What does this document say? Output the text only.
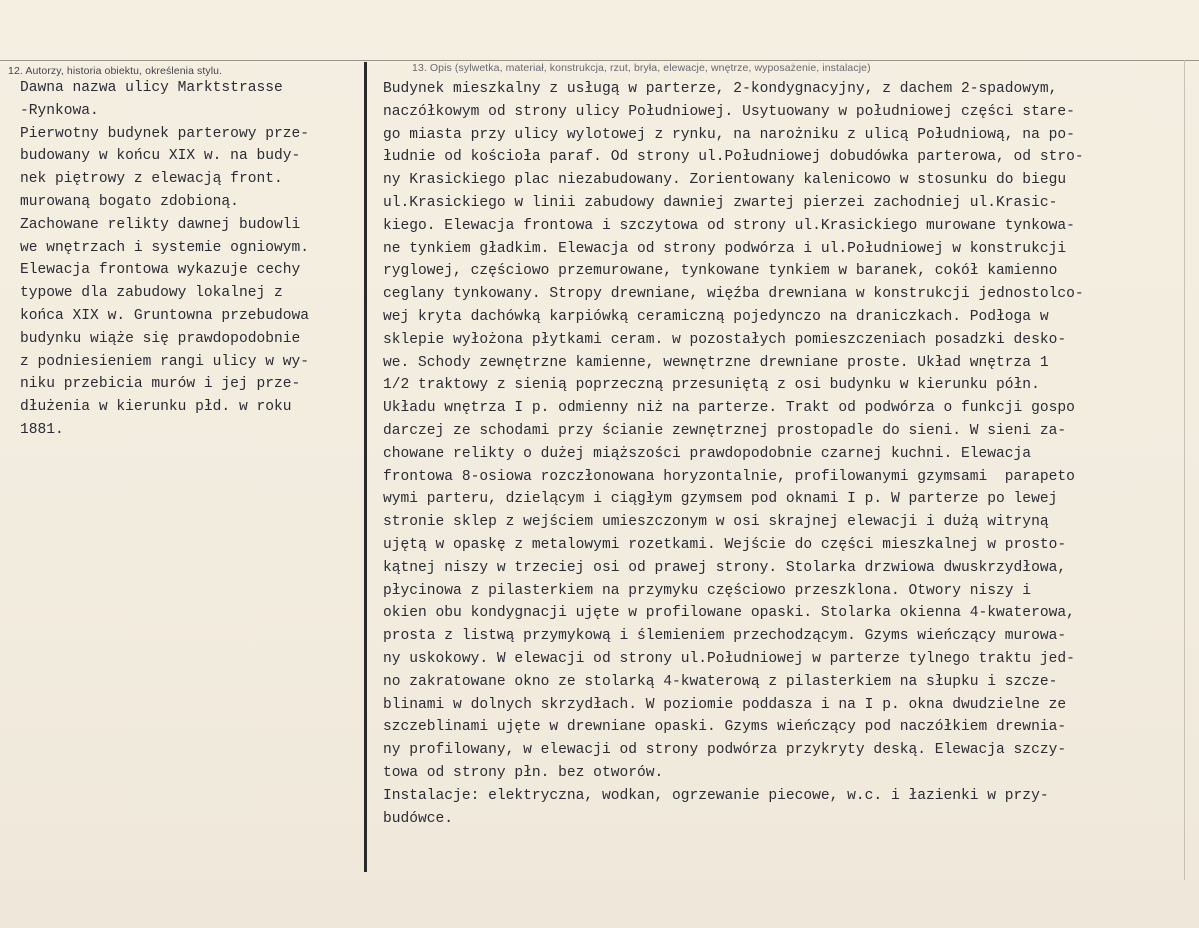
12. Autorzy, historia obiektu, określenia stylu.	13. Opis (sylwetka, materiał, konstrukcja, rzut, bryła, elewacje, wnętrze, wyposażenie, instalacje)
Dawna nazwa ulicy Marktstrasse
-Rynkowa.
Pierwotny budynek parterowy prze-
budowany w końcu XIX w. na budy-
nek piętrowy z elewacją front.
murowaną bogato zdobioną.
Zachowane relikty dawnej budowli
we wnętrzach i systemie ogniowym.
Elewacja frontowa wykazuje cechy
typowe dla zabudowy lokalnej z
końca XIX w. Gruntowna przebudowa
budynku wiąże się prawdopodobnie
z podniesieniem rangi ulicy w wy-
niku przebicia murów i jej prze-
dłużenia w kierunku płd. w roku
1881.
Budynek mieszkalny z usługą w parterze, 2-kondygnacyjny, z dachem 2-spadowym,
naczółkowym od strony ulicy Południowej. Usytuowany w południowej części stare-
go miasta przy ulicy wylotowej z rynku, na narożniku z ulicą Południową, na po-
łudnie od kościoła paraf. Od strony ul.Południowej dobudówka parterowa, od stro-
ny Krasickiego plac niezabudowany. Zorientowany kalenicowo w stosunku do biegu
ul.Krasickiego w linii zabudowy dawniej zwartej pierzei zachodniej ul.Krasic-
kiego. Elewacja frontowa i szczytowa od strony ul.Krasickiego murowane tynkowa-
ne tynkiem gładkim. Elewacja od strony podwórza i ul.Południowej w konstrukcji
ryglowej, częściowo przemurowane, tynkowane tynkiem w baranek, cokół kamienno
ceglany tynkowany. Stropy drewniane, więźba drewniana w konstrukcji jednostolco-
wej kryta dachówką karpiówką ceramiczną pojedynczo na draniczkach. Podłoga w
sklepie wyłożona płytkami ceram. w pozostałych pomieszczeniach posadzki desko-
we. Schody zewnętrzne kamienne, wewnętrzne drewniane proste. Układ wnętrza 1
1/2 traktowy z sienią poprzeczną przesuniętą z osi budynku w kierunku półn.
Układu wnętrza I p. odmienny niż na parterze. Trakt od podwórza o funkcji gospo
darczej ze schodami przy ścianie zewnętrznej prostopadle do sieni. W sieni za-
chowane relikty o dużej miąższości prawdopodobnie czarnej kuchni. Elewacja
frontowa 8-osiowa rozczłonowana horyzontalnie, profilowanymi gzymsami  parapeto
wymi parteru, dzielącym i ciągłym gzymsem pod oknami I p. W parterze po lewej
stronie sklep z wejściem umieszczonym w osi skrajnej elewacji i dużą witryną
ujętą w opaskę z metalowymi rozetkami. Wejście do części mieszkalnej w prosto-
kątnej niszy w trzeciej osi od prawej strony. Stolarka drzwiowa dwuskrzydłowa,
płycinowa z pilasterkiem na przymyku częściowo przeszklona. Otwory niszy i
okien obu kondygnacji ujęte w profilowane opaski. Stolarka okienna 4-kwaterowa,
prosta z listwą przymykową i ślemieniem przechodzącym. Gzyms wieńczący murowa-
ny uskokowy. W elewacji od strony ul.Południowej w parterze tylnego traktu jed-
no zakratowane okno ze stolarką 4-kwaterową z pilasterkiem na słupku i szcze-
blinami w dolnych skrzydłach. W poziomie poddasza i na I p. okna dwudzielne ze
szczeblinami ujęte w drewniane opaski. Gzyms wieńczący pod naczółkiem drewnia-
ny profilowany, w elewacji od strony podwórza przykryty deską. Elewacja szczy-
towa od strony płn. bez otworów.
Instalacje: elektryczna, wodkan, ogrzewanie piecowe, w.c. i łazienki w przy-
budówce.
